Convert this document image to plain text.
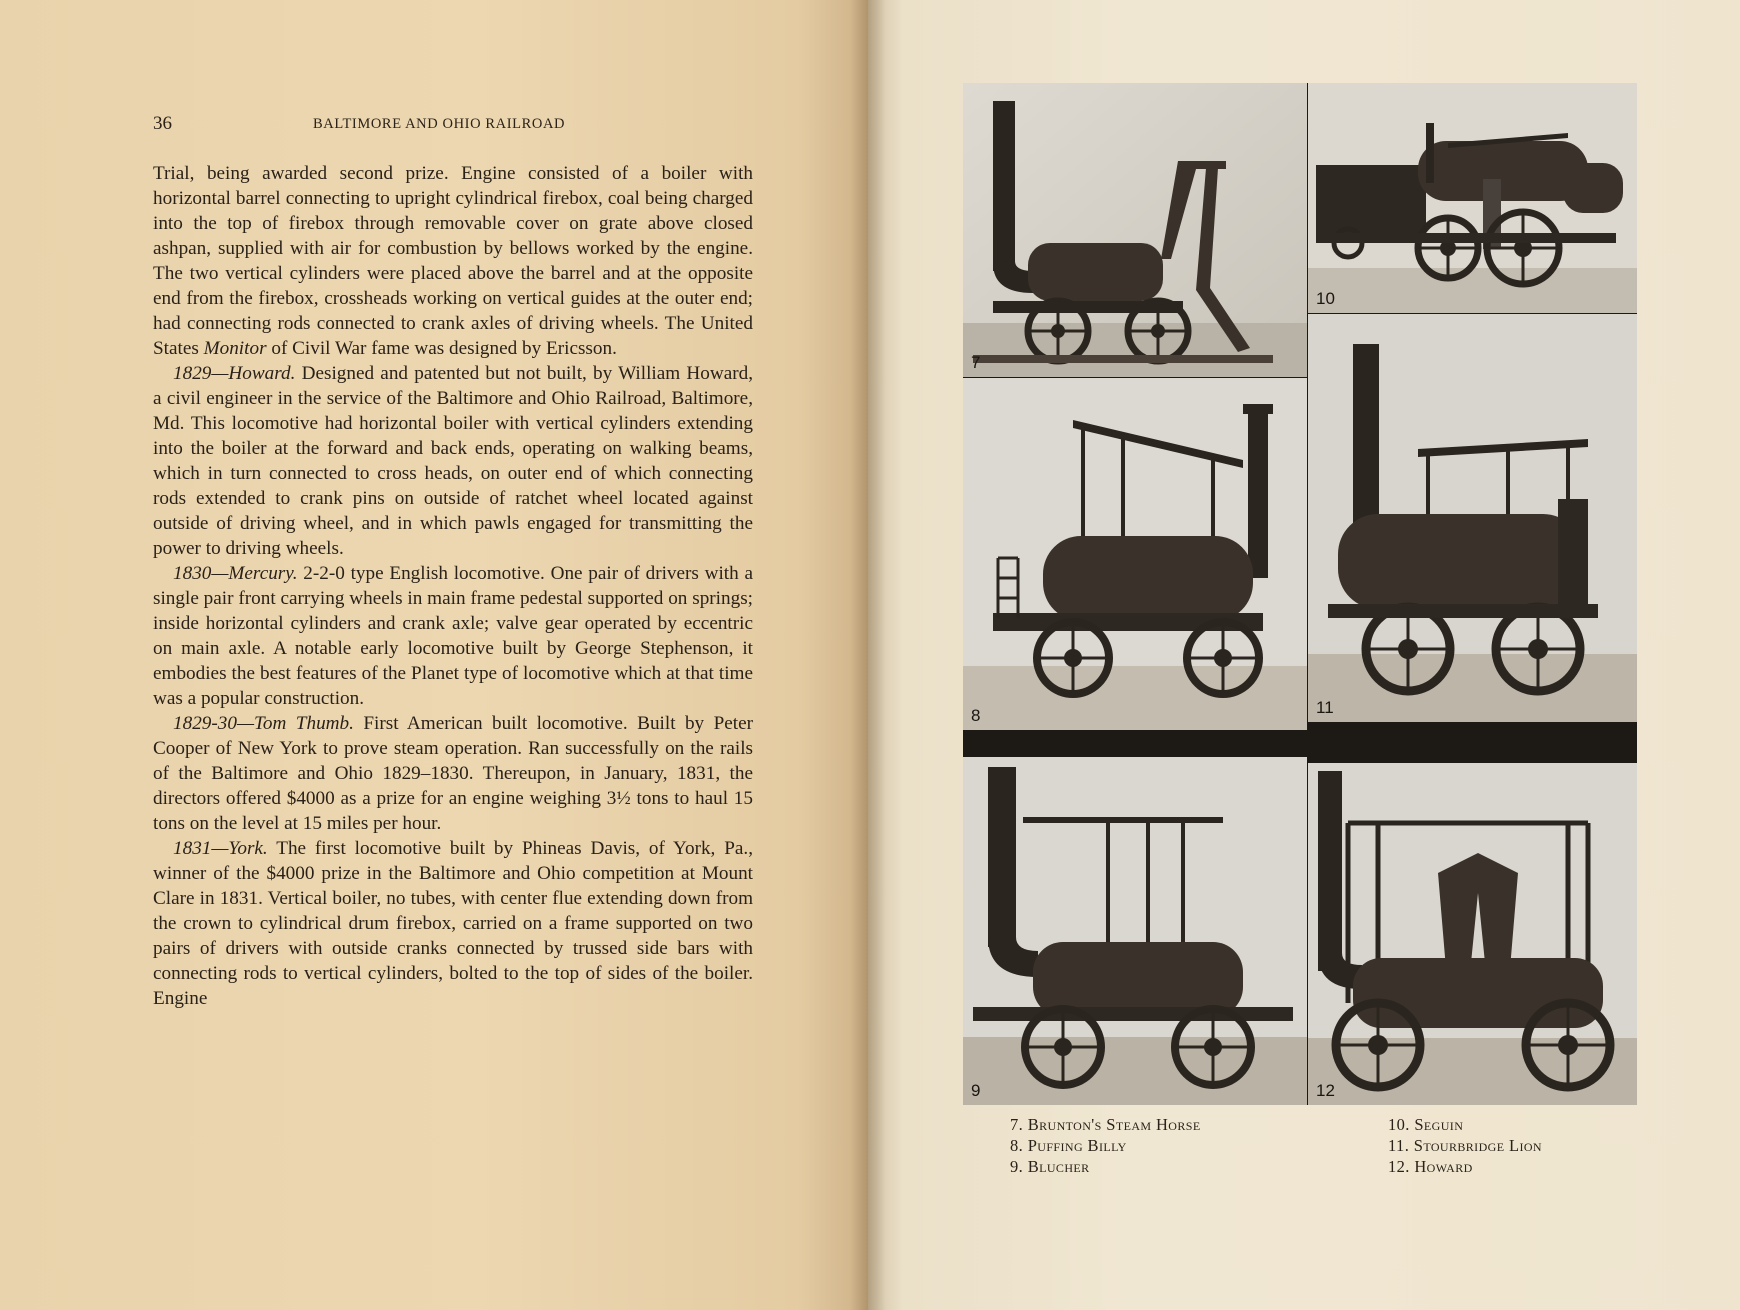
36	BALTIMORE AND OHIO RAILROAD

Trial, being awarded second prize. Engine consisted of a boiler with horizontal barrel connecting to upright cylindrical firebox, coal being charged into the top of firebox through removable cover on grate above closed ashpan, supplied with air for combustion by bellows worked by the engine. The two vertical cylinders were placed above the barrel and at the opposite end from the firebox, crossheads working on vertical guides at the outer end; had connecting rods connected to crank axles of driving wheels. The United States Monitor of Civil War fame was designed by Ericsson.

1829—Howard. Designed and patented but not built, by William Howard, a civil engineer in the service of the Baltimore and Ohio Railroad, Baltimore, Md. This locomotive had horizontal boiler with vertical cylinders extending into the boiler at the forward and back ends, operating on walking beams, which in turn connected to cross heads, on outer end of which connecting rods extended to crank pins on outside of ratchet wheel located against outside of driving wheel, and in which pawls engaged for transmitting the power to driving wheels.

1830—Mercury. 2-2-0 type English locomotive. One pair of drivers with a single pair front carrying wheels in main frame pedestal supported on springs; inside horizontal cylinders and crank axle; valve gear operated by eccentric on main axle. A notable early locomotive built by George Stephenson, it embodies the best features of the Planet type of locomotive which at that time was a popular construction.

1829-30—Tom Thumb. First American built locomotive. Built by Peter Cooper of New York to prove steam operation. Ran successfully on the rails of the Baltimore and Ohio 1829–1830. Thereupon, in January, 1831, the directors offered $4000 as a prize for an engine weighing 3½ tons to haul 15 tons on the level at 15 miles per hour.

1831—York. The first locomotive built by Phineas Davis, of York, Pa., winner of the $4000 prize in the Baltimore and Ohio competition at Mount Clare in 1831. Vertical boiler, no tubes, with center flue extending down from the crown to cylindrical drum firebox, carried on a frame supported on two pairs of drivers with outside cranks connected by trussed side bars with connecting rods to vertical cylinders, bolted to the top of sides of the boiler. Engine

7
10
8	11
9	12
7. Brunton's Steam Horse
8. Puffing Billy
9. Blucher
10. Seguin
11. Stourbridge Lion
12. Howard
